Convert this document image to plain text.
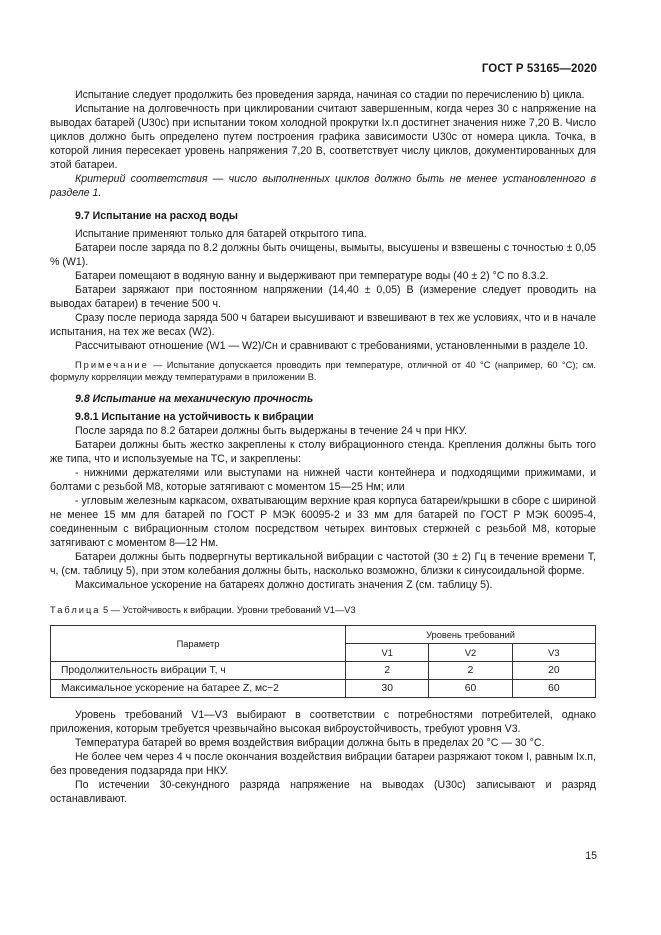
ГОСТ Р 53165—2020

Испытание следует продолжить без проведения заряда, начиная со стадии по перечислению b) цикла.

Испытание на долговечность при циклировании считают завершенным, когда через 30 с напряжение на выводах батарей (U30с) при испытании током холодной прокрутки Iх.п достигнет значения ниже 7,20 В. Число циклов должно быть определено путем построения графика зависимости U30с от номера цикла. Точка, в которой линия пересекает уровень напряжения 7,20 В, соответствует числу циклов, документированных для этой батареи.

Критерий соответствия — число выполненных циклов должно быть не менее установленного в разделе 1.

9.7 Испытание на расход воды

Испытание применяют только для батарей открытого типа.

Батареи после заряда по 8.2 должны быть очищены, вымыты, высушены и взвешены с точностью ± 0,05 % (W1).

Батареи помещают в водяную ванну и выдерживают при температуре воды (40 ± 2) °С по 8.3.2.

Батареи заряжают при постоянном напряжении (14,40 ± 0,05) В (измерение следует проводить на выводах батареи) в течение 500 ч.

Сразу после периода заряда 500 ч батареи высушивают и взвешивают в тех же условиях, что и в начале испытания, на тех же весах (W2).

Рассчитывают отношение (W1 — W2)/Cн и сравнивают с требованиями, установленными в разделе 10.

Примечание — Испытание допускается проводить при температуре, отличной от 40 °С (например, 60 °С); см. формулу корреляции между температурами в приложении В.

9.8 Испытание на механическую прочность

9.8.1 Испытание на устойчивость к вибрации

После заряда по 8.2 батареи должны быть выдержаны в течение 24 ч при НКУ.

Батареи должны быть жестко закреплены к столу вибрационного стенда. Крепления должны быть того же типа, что и используемые на ТС, и закреплены:

- нижними держателями или выступами на нижней части контейнера и подходящими прижимами, и болтами с резьбой М8, которые затягивают с моментом 15—25 Нм; или

- угловым железным каркасом, охватывающим верхние края корпуса батареи/крышки в сборе с шириной не менее 15 мм для батарей по ГОСТ Р МЭК 60095-2 и 33 мм для батарей по ГОСТ Р МЭК 60095-4, соединенным с вибрационным столом посредством четырех винтовых стержней с резьбой М8, которые затягивают с моментом 8—12 Нм.

Батареи должны быть подвергнуты вертикальной вибрации с частотой (30 ± 2) Гц в течение времени Т, ч, (см. таблицу 5), при этом колебания должны быть, насколько возможно, близки к синусоидальной форме.

Максимальное ускорение на батареях должно достигать значения Z (см. таблицу 5).

Таблица 5 — Устойчивость к вибрации. Уровни требований V1—V3

Параметр	Уровень требований		
	V1	V2	V3
Продолжительность вибрации T, ч	2	2	20
Максимальное ускорение на батарее Z, мс−2	30	60	60

Уровень требований V1—V3 выбирают в соответствии с потребностями потребителей, однако приложения, которым требуется чрезвычайно высокая виброустойчивость, требуют уровня V3.

Температура батарей во время воздействия вибрации должна быть в пределах 20 °С — 30 °С.

Не более чем через 4 ч после окончания воздействия вибрации батареи разряжают током I, равным Iх.п, без проведения подзаряда при НКУ.

По истечении 30-секундного разряда напряжение на выводах (U30с) записывают и разряд останавливают.

15
